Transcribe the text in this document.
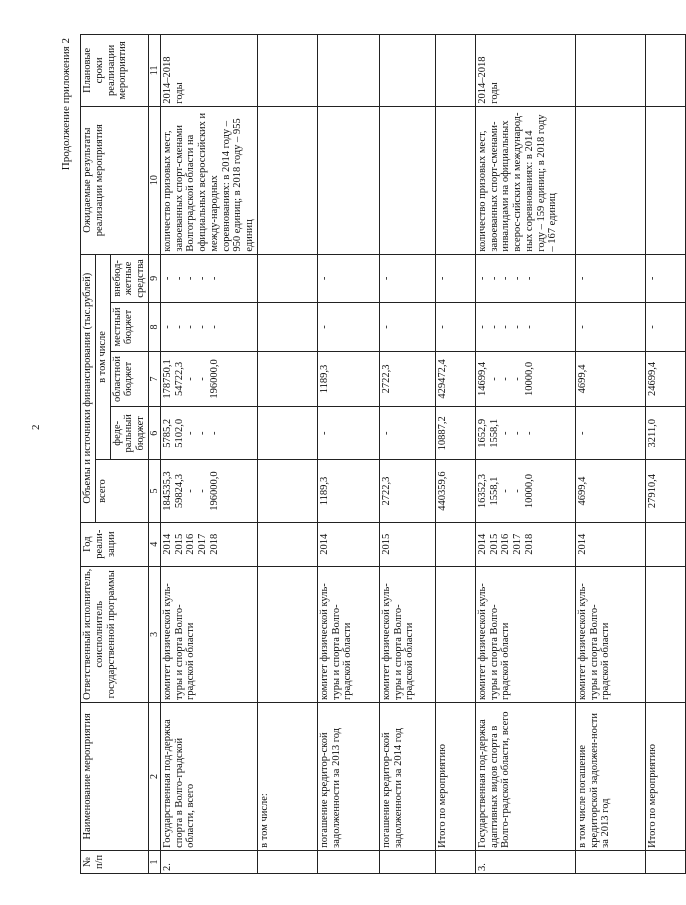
2
Продолжение приложения 2
№ п/п	Наименование мероприятия	Ответственный исполнитель, соисполнитель государственной программы	Год реали-зации	Объемы и источники финансирования (тыс.рублей)					Ожидаемые результаты реализации мероприятия	Плановые сроки реализации мероприятия
				всего	в том числе					
					феде-ральный бюджет	областной бюджет	местный бюджет	внебюд-жетные средства		
1	2	3	4	5	6	7	8	9	10	11
2.	Государственная под-держка спорта в Волго-градской области, всего	комитет физической куль-туры и спорта Волго-градской области	2014 2015 2016 2017 2018	184535,3 59824,3 - - 196000,0	5785,2 5102,0 - - -	178750,1 54722,3 - - 196000,0	- - - - -	- - - - -	количество призовых мест, завоеванных спорт-сменами Волгоградской области на официальных всероссийских и между-народных соревнованиях: в 2014 году – 950 единиц; в 2018 году – 955 единиц	2014–2018 годы
	в том числе:									
	погашение кредитор-ской задолженности за 2013 год	комитет физической куль-туры и спорта Волго-градской области	2014	1189,3	-	1189,3	-	-		

	погашение кредитор-ской задолженности за 2014 год	комитет физической куль-туры и спорта Волго-градской области	2015	2722,3	-	2722,3	-	-		

	Итого по мероприятию			440359,6	10887,2	429472,4	-	-		

3.	Государственная под-держка адаптивных видов спорта в Волго-градской области, всего	комитет физической куль-туры и спорта Волго-градской области	2014 2015 2016 2017 2018	16352,3 1558,1 - - 10000,0	1652,9 1558,1 - - -	14699,4 - - - 10000,0	- - - - -	- - - - -	количество призовых мест, завоеванных спорт-сменами-инвалидами на официальных всерос-сийских и международ-ных соревнованиях: в 2014 году – 159 единиц; в 2018 году – 167 единиц	2014–2018 годы
	в том числе погашение кредиторской задолжен-ности за 2013 год	комитет физической куль-туры и спорта Волго-градской области	2014	4699,4	-	4699,4	-	-		

	Итого по мероприятию			27910,4	3211,0	24699,4	-	-		
